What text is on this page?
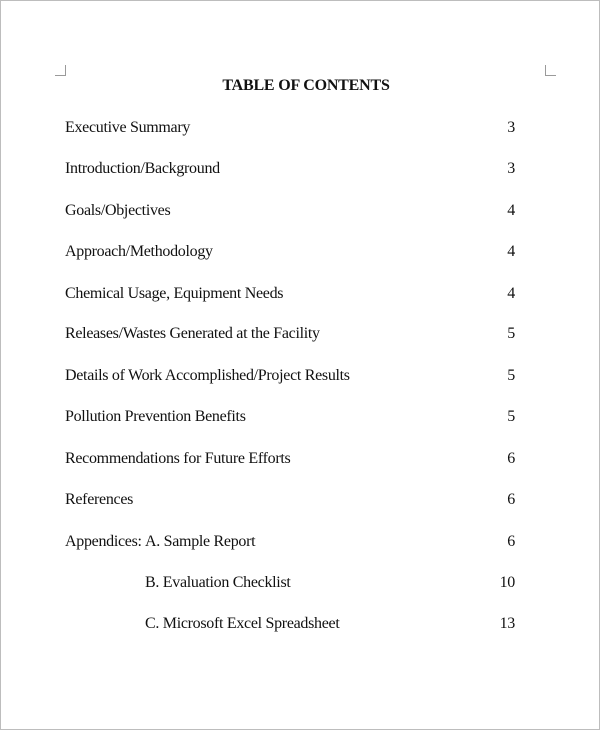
TABLE OF CONTENTS
Executive Summary	3
Introduction/Background	3
Goals/Objectives	4
Approach/Methodology	4
Chemical Usage, Equipment Needs	4
Releases/Wastes Generated at the Facility	5
Details of Work Accomplished/Project Results	5
Pollution Prevention Benefits	5
Recommendations for Future Efforts	6
References	6
Appendices: A. Sample Report	6
B. Evaluation Checklist	10
C. Microsoft Excel Spreadsheet	13
